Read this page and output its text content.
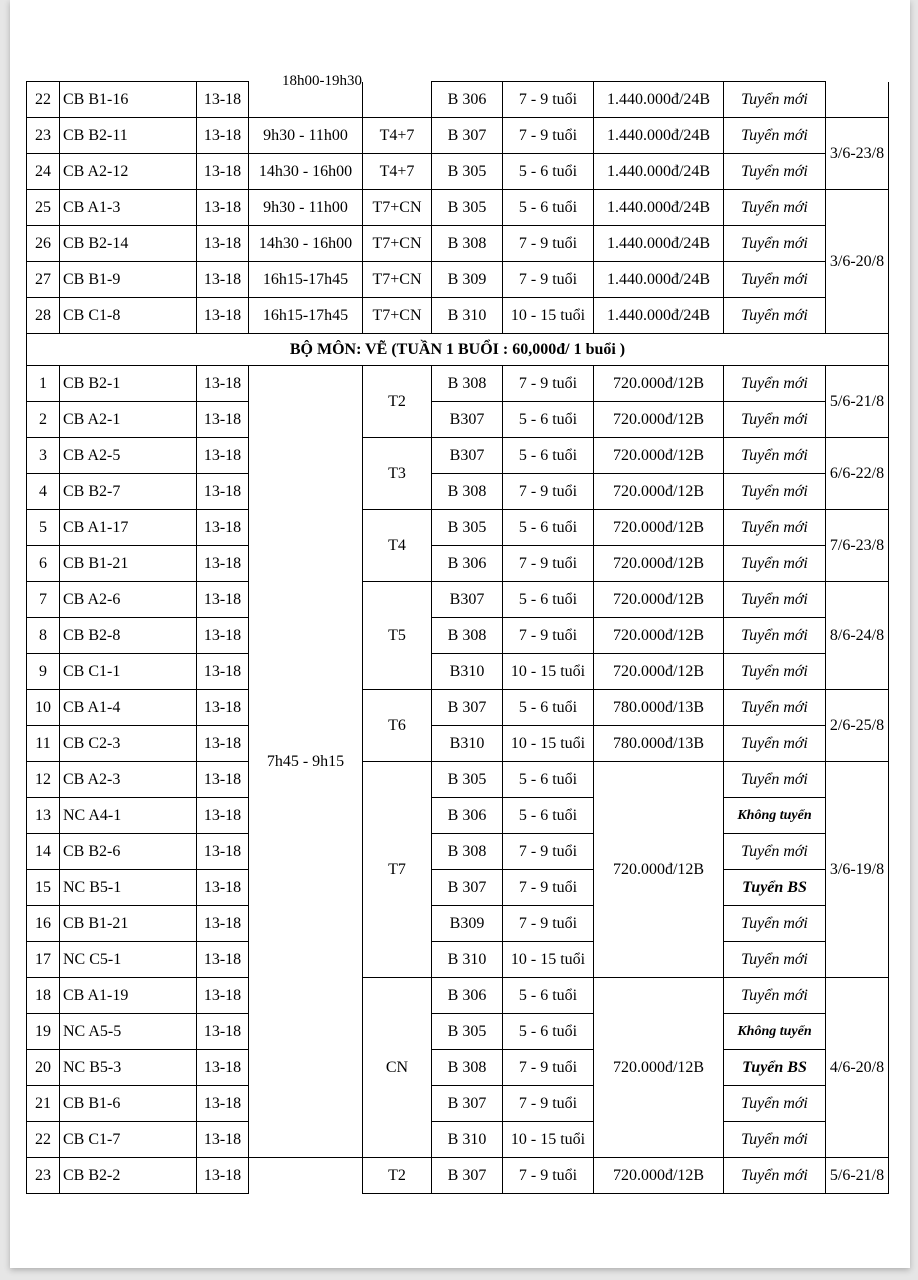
18h00-19h30
22	CB B1-16	13-18			B 306	7 - 9 tuổi	1.440.000đ/24B	Tuyển mới	
23	CB B2-11	13-18	9h30 - 11h00	T4+7	B 307	7 - 9 tuổi	1.440.000đ/24B	Tuyển mới	3/6-23/8
24	CB A2-12	13-18	14h30 - 16h00	T4+7	B 305	5 - 6 tuổi	1.440.000đ/24B	Tuyển mới	
25	CB A1-3	13-18	9h30 - 11h00	T7+CN	B 305	5 - 6 tuổi	1.440.000đ/24B	Tuyển mới	3/6-20/8
26	CB B2-14	13-18	14h30 - 16h00	T7+CN	B 308	7 - 9 tuổi	1.440.000đ/24B	Tuyển mới	
27	CB B1-9	13-18	16h15-17h45	T7+CN	B 309	7 - 9 tuổi	1.440.000đ/24B	Tuyển mới	
28	CB C1-8	13-18	16h15-17h45	T7+CN	B 310	10 - 15 tuổi	1.440.000đ/24B	Tuyển mới	
BỘ MÔN: VẼ (TUẦN 1 BUỔI : 60,000đ/ 1 buổi )									
1	CB B2-1	13-18	7h45 - 9h15	T2	B 308	7 - 9 tuổi	720.000đ/12B	Tuyển mới	5/6-21/8
2	CB A2-1	13-18			B307	5 - 6 tuổi	720.000đ/12B	Tuyển mới	
3	CB A2-5	13-18		T3	B307	5 - 6 tuổi	720.000đ/12B	Tuyển mới	6/6-22/8
4	CB B2-7	13-18			B 308	7 - 9 tuổi	720.000đ/12B	Tuyển mới	
5	CB A1-17	13-18		T4	B 305	5 - 6 tuổi	720.000đ/12B	Tuyển mới	7/6-23/8
6	CB B1-21	13-18			B 306	7 - 9 tuổi	720.000đ/12B	Tuyển mới	
7	CB A2-6	13-18		T5	B307	5 - 6 tuổi	720.000đ/12B	Tuyển mới	8/6-24/8
8	CB B2-8	13-18			B 308	7 - 9 tuổi	720.000đ/12B	Tuyển mới	
9	CB C1-1	13-18			B310	10 - 15 tuổi	720.000đ/12B	Tuyển mới	
10	CB A1-4	13-18		T6	B 307	5 - 6 tuổi	780.000đ/13B	Tuyển mới	2/6-25/8
11	CB C2-3	13-18			B310	10 - 15 tuổi	780.000đ/13B	Tuyển mới	
12	CB A2-3	13-18		T7	B 305	5 - 6 tuổi	720.000đ/12B	Tuyển mới	3/6-19/8
13	NC A4-1	13-18			B 306	5 - 6 tuổi		Không tuyển	
14	CB B2-6	13-18			B 308	7 - 9 tuổi		Tuyển mới	
15	NC B5-1	13-18			B 307	7 - 9 tuổi		Tuyển BS	
16	CB B1-21	13-18			B309	7 - 9 tuổi		Tuyển mới	
17	NC C5-1	13-18			B 310	10 - 15 tuổi		Tuyển mới	
18	CB A1-19	13-18		CN	B 306	5 - 6 tuổi	720.000đ/12B	Tuyển mới	4/6-20/8
19	NC A5-5	13-18			B 305	5 - 6 tuổi		Không tuyển	
20	NC B5-3	13-18			B 308	7 - 9 tuổi		Tuyển BS	
21	CB B1-6	13-18			B 307	7 - 9 tuổi		Tuyển mới	
22	CB C1-7	13-18			B 310	10 - 15 tuổi		Tuyển mới	
23	CB B2-2	13-18		T2	B 307	7 - 9 tuổi	720.000đ/12B	Tuyển mới	5/6-21/8
